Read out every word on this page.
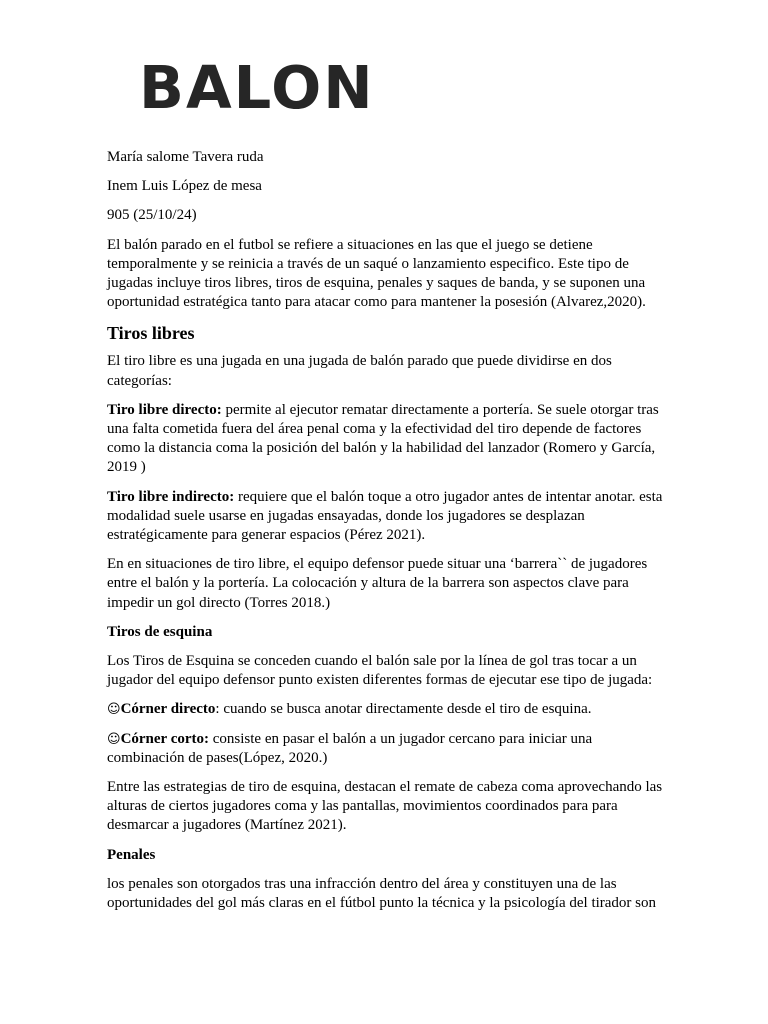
BALON

María salome Tavera ruda

Inem Luis López de mesa

905 (25/10/24)

El balón parado en el futbol se refiere a situaciones en las que el juego se detiene temporalmente y se reinicia a través de un saqué o lanzamiento especifico. Este tipo de jugadas incluye tiros libres, tiros de esquina, penales y saques de banda, y se suponen una oportunidad estratégica tanto para atacar como para mantener la posesión (Alvarez,2020).

Tiros libres

El tiro libre es una jugada en una jugada de balón parado que puede dividirse en dos categorías:

Tiro libre directo: permite al ejecutor rematar directamente a portería. Se suele otorgar tras una falta cometida fuera del área penal coma y la efectividad del tiro depende de factores como la distancia coma la posición del balón y la habilidad del lanzador (Romero y García, 2019 )

Tiro libre indirecto: requiere que el balón toque a otro jugador antes de intentar anotar. esta modalidad suele usarse en jugadas ensayadas, donde los jugadores se desplazan estratégicamente para generar espacios (Pérez 2021).

En en situaciones de tiro libre, el equipo defensor puede situar una ‘barrera`` de jugadores entre el balón y la portería. La colocación y altura de la barrera son aspectos clave para impedir un gol directo (Torres 2018.)

Tiros de esquina

Los Tiros de Esquina se conceden cuando el balón sale por la línea de gol tras tocar a un jugador del equipo defensor punto existen diferentes formas de ejecutar ese tipo de jugada:

☺Córner directo: cuando se busca anotar directamente desde el tiro de esquina.

☺Córner corto: consiste en pasar el balón a un jugador cercano para iniciar una combinación de pases(López, 2020.)

Entre las estrategias de tiro de esquina, destacan el remate de cabeza coma aprovechando las alturas de ciertos jugadores coma y las pantallas, movimientos coordinados para para desmarcar a jugadores (Martínez 2021).

Penales

los penales son otorgados tras una infracción dentro del área y constituyen una de las oportunidades del gol más claras en el fútbol punto la técnica y la psicología del tirador son
